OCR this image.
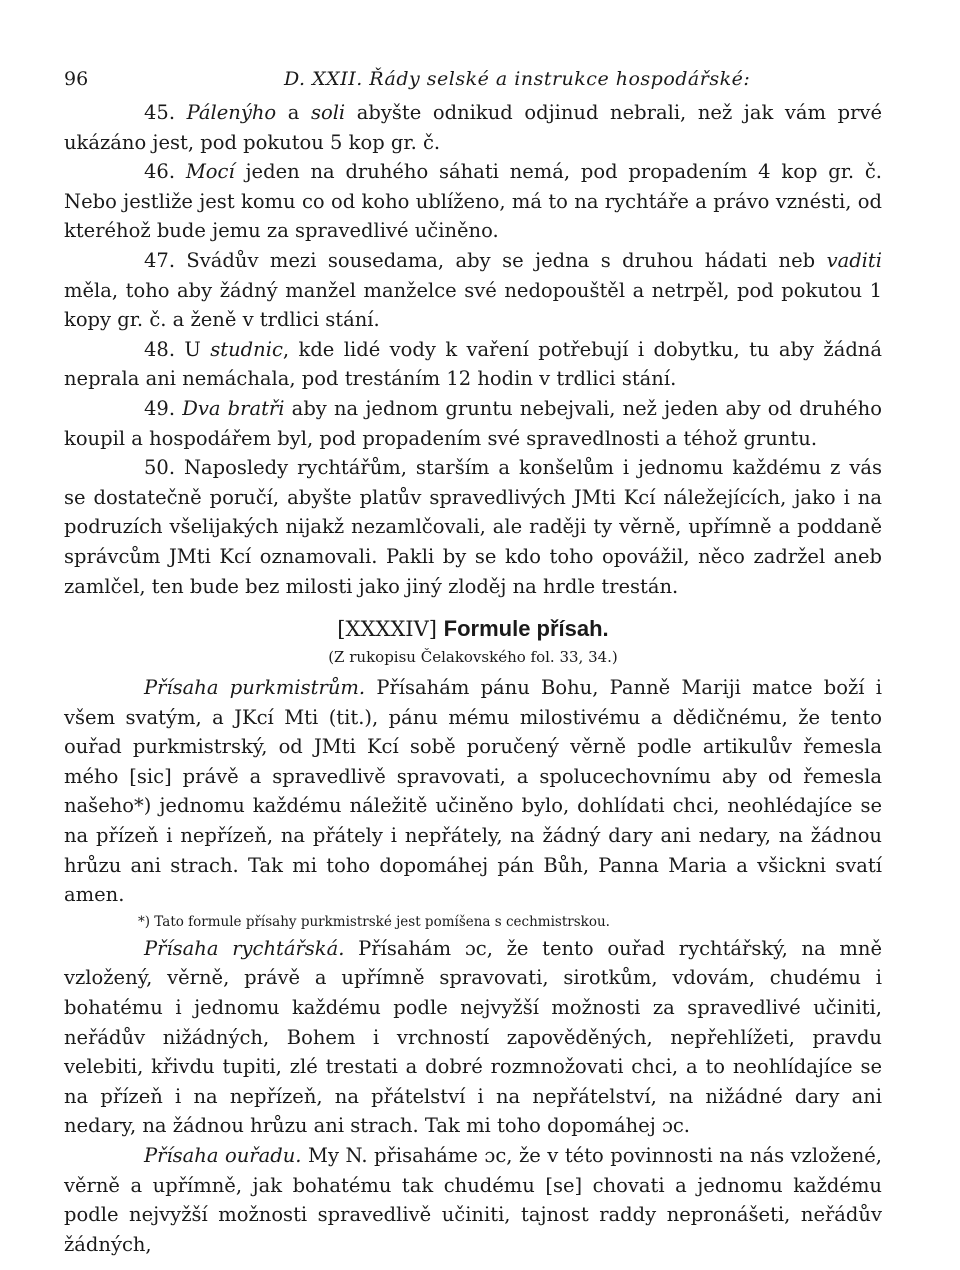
96	D. XXII. Řády selské a instrukce hospodářské:

45. Pálenýho a soli abyšte odnikud odjinud nebrali, než jak vám prvé ukázáno jest, pod pokutou 5 kop gr. č.

46. Mocí jeden na druhého sáhati nemá, pod propadením 4 kop gr. č. Nebo jestliže jest komu co od koho ublíženo, má to na rychtáře a právo vznésti, od kteréhož bude jemu za spravedlivé učiněno.

47. Svádův mezi sousedama, aby se jedna s druhou hádati neb vaditi měla, toho aby žádný manžel manželce své nedopouštěl a netrpěl, pod pokutou 1 kopy gr. č. a ženě v trdlici stání.

48. U studnic, kde lidé vody k vaření potřebují i dobytku, tu aby žádná neprala ani nemáchala, pod trestáním 12 hodin v trdlici stání.

49. Dva bratři aby na jednom gruntu nebejvali, než jeden aby od druhého koupil a hospodářem byl, pod propadením své spravedlnosti a téhož gruntu.

50. Naposledy rychtářům, starším a konšelům i jednomu každému z vás se dostatečně poručí, abyšte platův spravedlivých JMti Kcí náležejících, jako i na podruzích všelijakých nijakž nezamlčovali, ale raději ty věrně, upřímně a poddaně správcům JMti Kcí oznamovali. Pakli by se kdo toho opovážil, něco zadržel aneb zamlčel, ten bude bez milosti jako jiný zloděj na hrdle trestán.

[XXXXIV] Formule přísah.
(Z rukopisu Čelakovského fol. 33, 34.)

Přísaha purkmistrům. Přísahám pánu Bohu, Panně Mariji matce boží i všem svatým, a JKcí Mti (tit.), pánu mému milostivému a dědičnému, že tento ouřad purkmistrský, od JMti Kcí sobě poručený věrně podle artikulův řemesla mého [sic] právě a spravedlivě spravovati, a spolucechovnímu aby od řemesla našeho*) jednomu každému náležitě učiněno bylo, dohlídati chci, neohlédajíce se na přízeň i nepřízeň, na přátely i nepřátely, na žádný dary ani nedary, na žádnou hrůzu ani strach. Tak mi toho dopomáhej pán Bůh, Panna Maria a všickni svatí amen.

*) Tato formule přísahy purkmistrské jest pomíšena s cechmistrskou.

Přísaha rychtářská. Přísahám ɔc, že tento ouřad rychtářský, na mně vzložený, věrně, právě a upřímně spravovati, sirotkům, vdovám, chudému i bohatému i jednomu každému podle nejvyžší možnosti za spravedlivé učiniti, neřádův nižádných, Bohem i vrchností zapověděných, nepřehlížeti, pravdu velebiti, křivdu tupiti, zlé trestati a dobré rozmnožovati chci, a to neohlídajíce se na přízeň i na nepřízeň, na přátelství i na nepřátelství, na nižádné dary ani nedary, na žádnou hrůzu ani strach. Tak mi toho dopomáhej ɔc.

Přísaha ouřadu. My N. přisaháme ɔc, že v této povinnosti na nás vzložené, věrně a upřímně, jak bohatému tak chudému [se] chovati a jednomu každému podle nejvyžší možnosti spravedlivě učiniti, tajnost raddy nepronášeti, neřádův žádných,
